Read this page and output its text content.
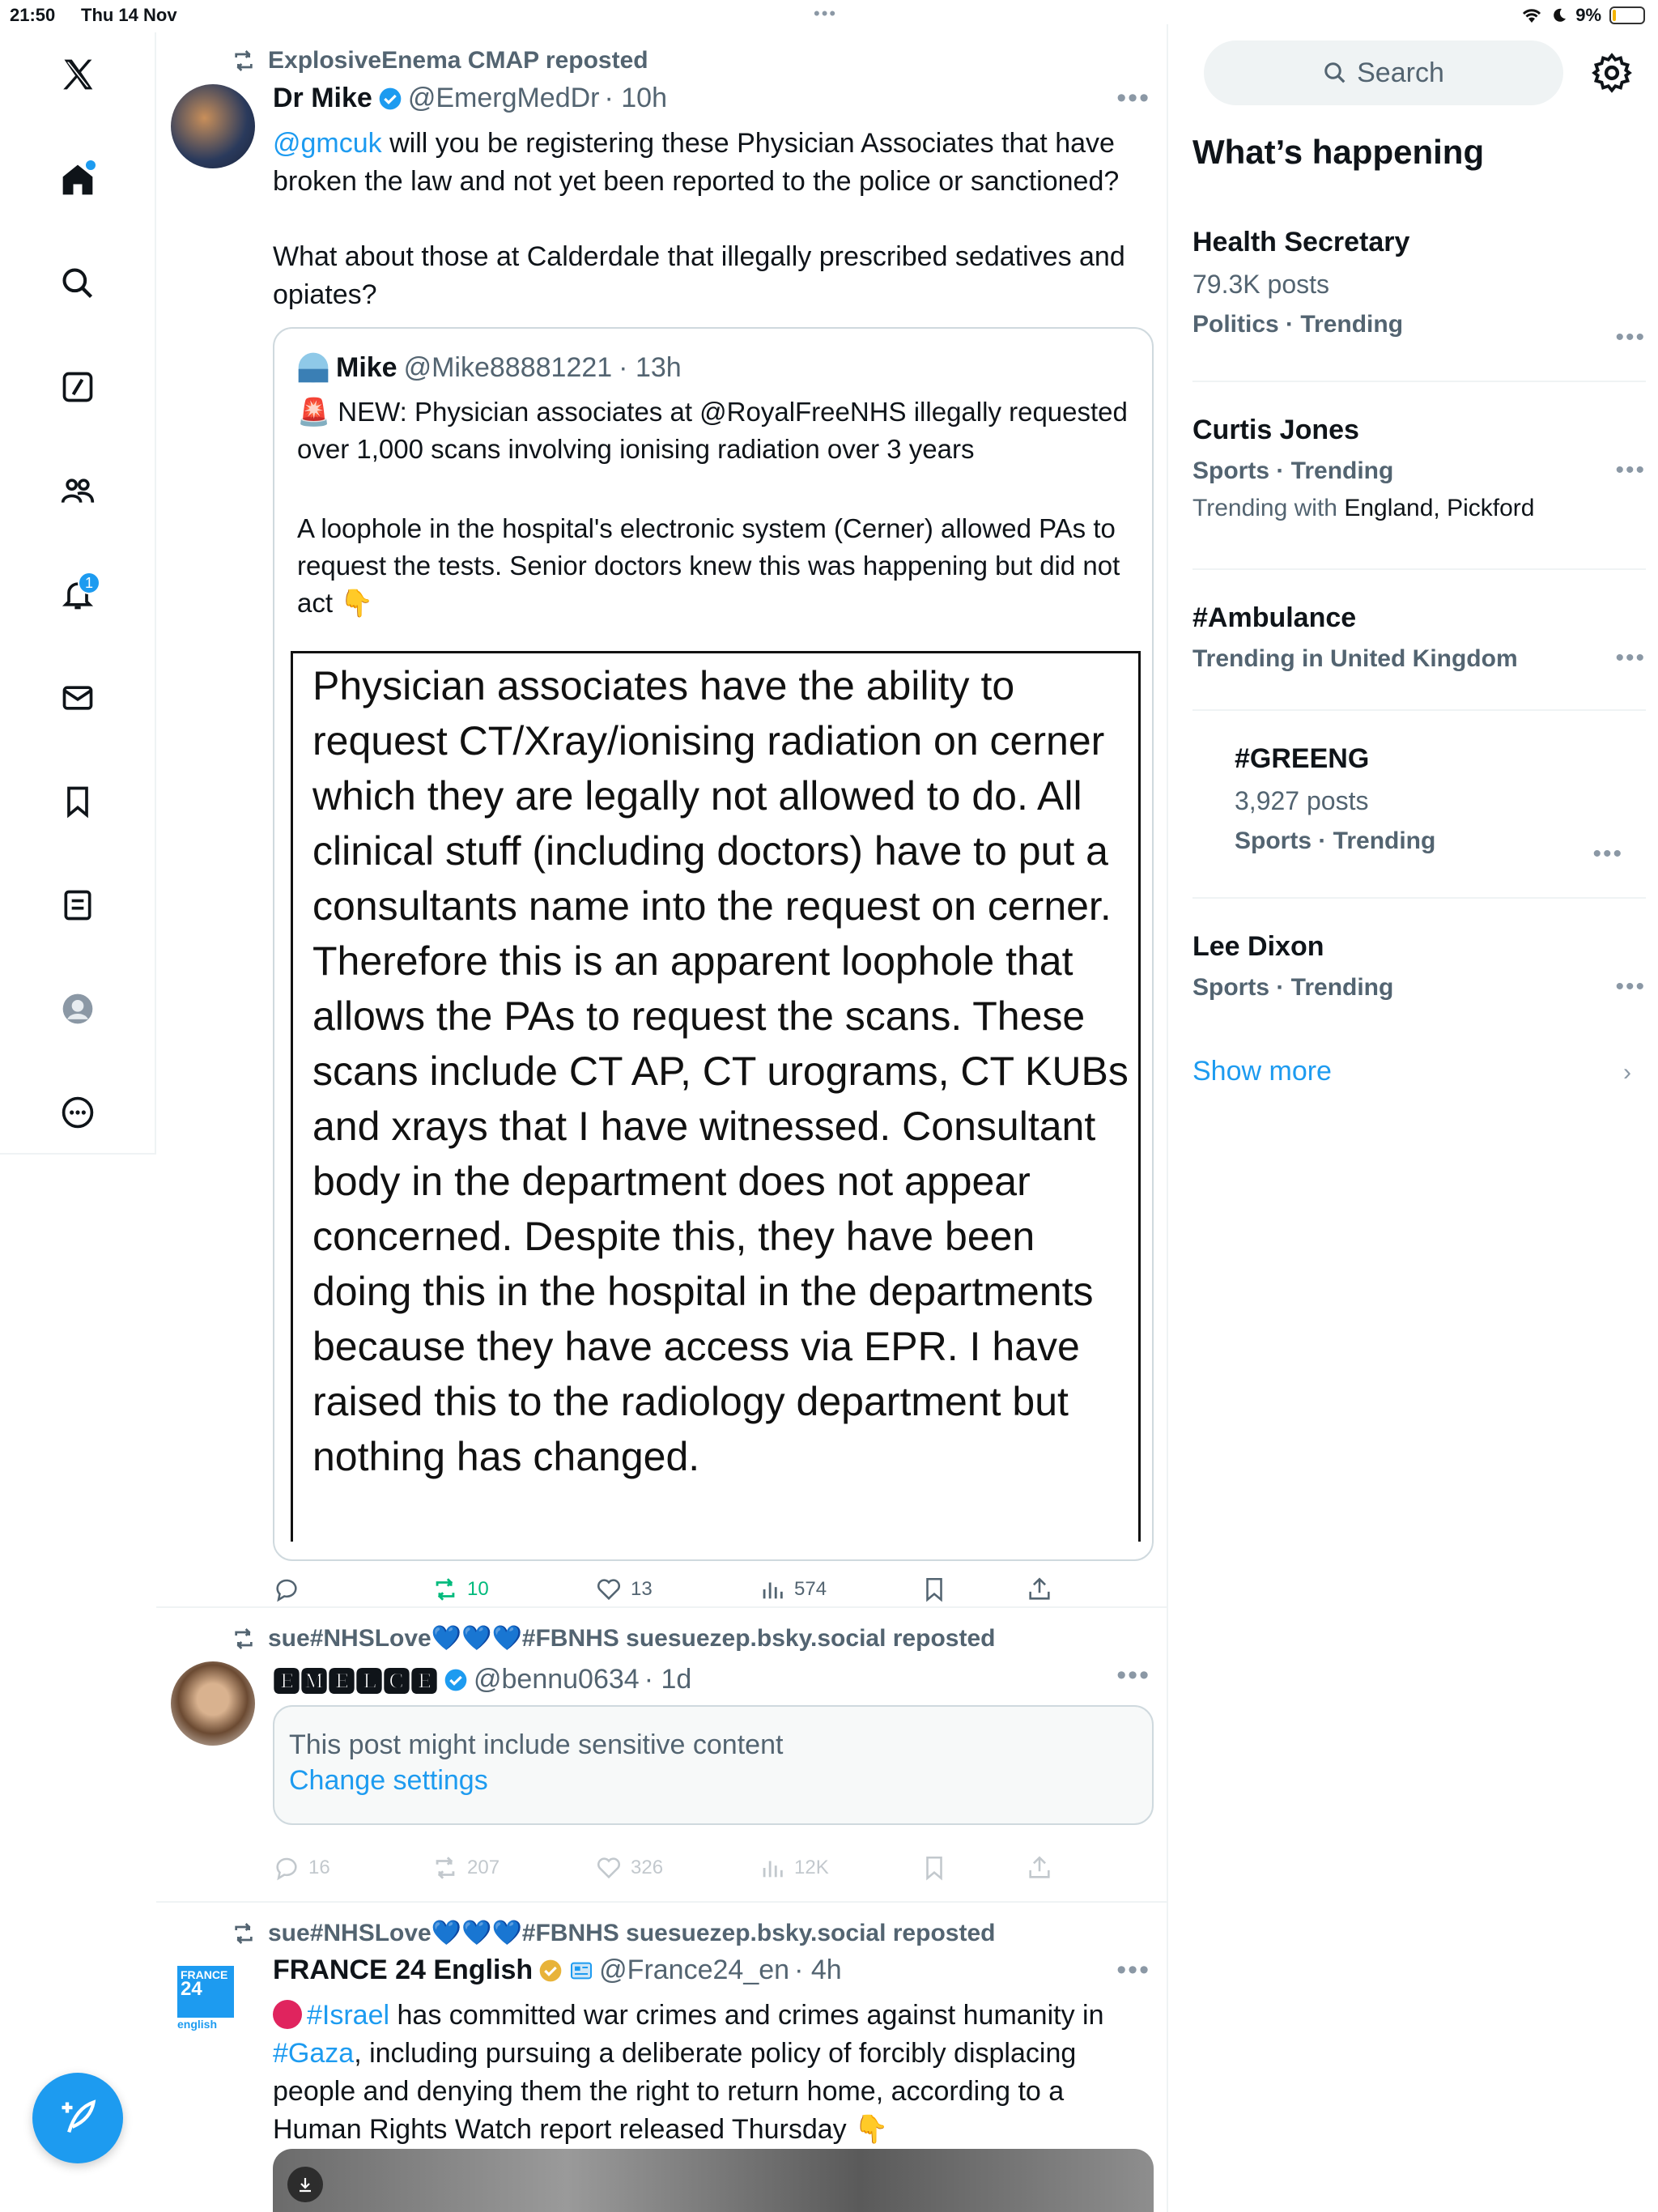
21:50 Thu 14 Nov	•••	9%
1
ExplosiveEnema CMAP reposted
Dr Mike @EmergMedDr · 10h	•••
@gmcuk will you be registering these Physician Associates that have broken the law and not yet been reported to the police or sanctioned?
What about those at Calderdale that illegally prescribed sedatives and opiates?
Mike @Mike88881221 · 13h
🚨 NEW: Physician associates at @RoyalFreeNHS illegally requested over 1,000 scans involving ionising radiation over 3 years
A loophole in the hospital's electronic system (Cerner) allowed PAs to request the tests. Senior doctors knew this was happening but did not act 👇
Physician associates have the ability to request CT/Xray/ionising radiation on cerner which they are legally not allowed to do. All clinical stuff (including doctors) have to put a consultants name into the request on cerner. Therefore this is an apparent loophole that allows the PAs to request the scans. These scans include CT AP, CT urograms, CT KUBs and xrays that I have witnessed. Consultant body in the department does not appear concerned. Despite this, they have been doing this in the hospital in the departments because they have access via EPR. I have raised this to the radiology department but nothing has changed.
10	13	574
sue#NHSLove💙💙💙#FBNHS suesuezep.bsky.social reposted
🅴🅼🅴🅻🅲🅴 @bennu0634 · 1d	•••
This post might include sensitive content
Change settings
16	207	326	12K
sue#NHSLove💙💙💙#FBNHS suesuezep.bsky.social reposted
FRANCE
24
english
FRANCE 24 English @France24_en · 4h	•••
#Israel has committed war crimes and crimes against humanity in #Gaza, including pursuing a deliberate policy of forcibly displacing people and denying them the right to return home, according to a Human Rights Watch report released Thursday 👇
Search
What’s happening
Health Secretary
79.3K posts
Politics · Trending	•••
Curtis Jones
Sports · Trending
Trending with England, Pickford
•••
#Ambulance
Trending in United Kingdom	•••
#GREENG
3,927 posts
Sports · Trending	•••
Lee Dixon
Sports · Trending	•••
Show more	›
